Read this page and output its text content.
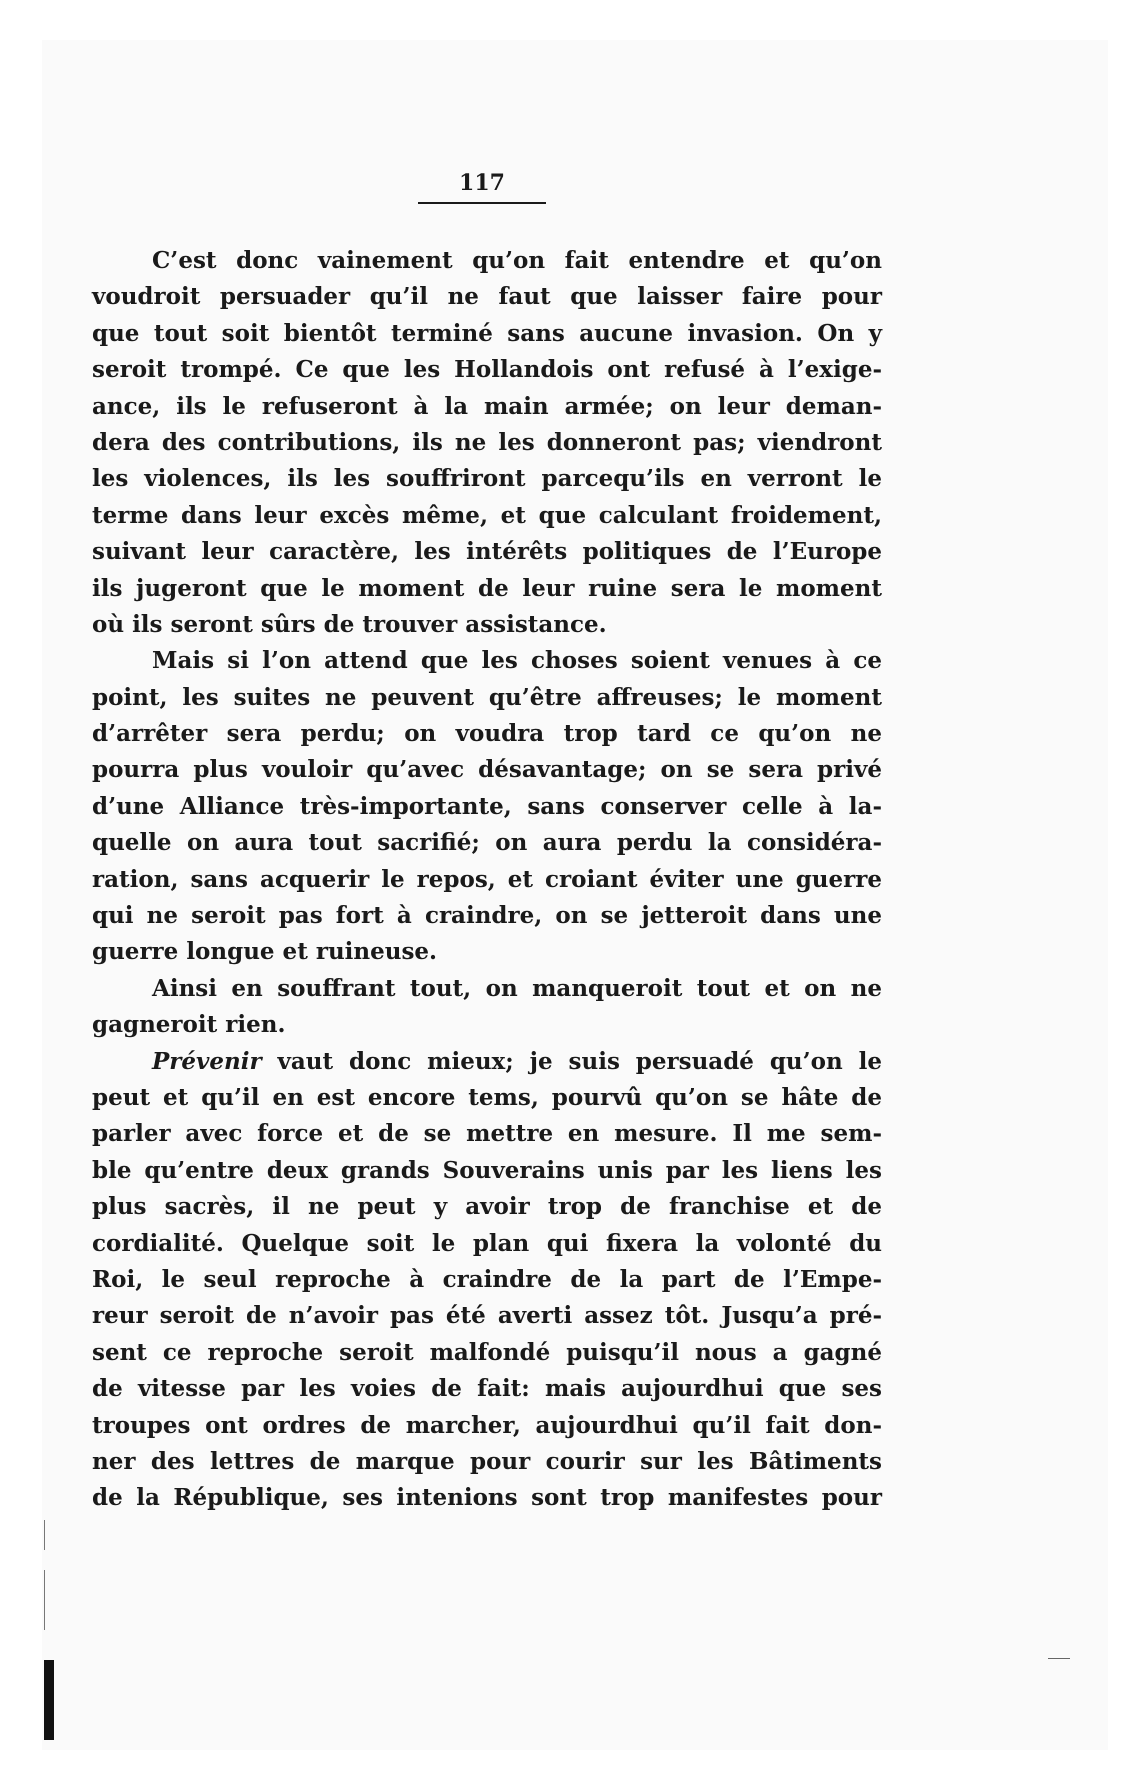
117
C’est donc vainement qu’on fait entendre et qu’on
voudroit persuader qu’il ne faut que laisser faire pour
que tout soit bientôt terminé sans aucune invasion. On y
seroit trompé. Ce que les Hollandois ont refusé à l’exige-
ance, ils le refuseront à la main armée; on leur deman-
dera des contributions, ils ne les donneront pas; viendront
les violences, ils les souffriront parcequ’ils en verront le
terme dans leur excès même, et que calculant froidement,
suivant leur caractère, les intérêts politiques de l’Europe
ils jugeront que le moment de leur ruine sera le moment
où ils seront sûrs de trouver assistance.
Mais si l’on attend que les choses soient venues à ce
point, les suites ne peuvent qu’être affreuses; le moment
d’arrêter sera perdu; on voudra trop tard ce qu’on ne
pourra plus vouloir qu’avec désavantage; on se sera privé
d’une Alliance très-importante, sans conserver celle à la-
quelle on aura tout sacrifié; on aura perdu la considéra-
ration, sans acquerir le repos, et croiant éviter une guerre
qui ne seroit pas fort à craindre, on se jetteroit dans une
guerre longue et ruineuse.
Ainsi en souffrant tout, on manqueroit tout et on ne
gagneroit rien.
Prévenir vaut donc mieux; je suis persuadé qu’on le
peut et qu’il en est encore tems, pourvû qu’on se hâte de
parler avec force et de se mettre en mesure. Il me sem-
ble qu’entre deux grands Souverains unis par les liens les
plus sacrès, il ne peut y avoir trop de franchise et de
cordialité. Quelque soit le plan qui fixera la volonté du
Roi, le seul reproche à craindre de la part de l’Empe-
reur seroit de n’avoir pas été averti assez tôt. Jusqu’a pré-
sent ce reproche seroit malfondé puisqu’il nous a gagné
de vitesse par les voies de fait: mais aujourdhui que ses
troupes ont ordres de marcher, aujourdhui qu’il fait don-
ner des lettres de marque pour courir sur les Bâtiments
de la République, ses intenions sont trop manifestes pour
